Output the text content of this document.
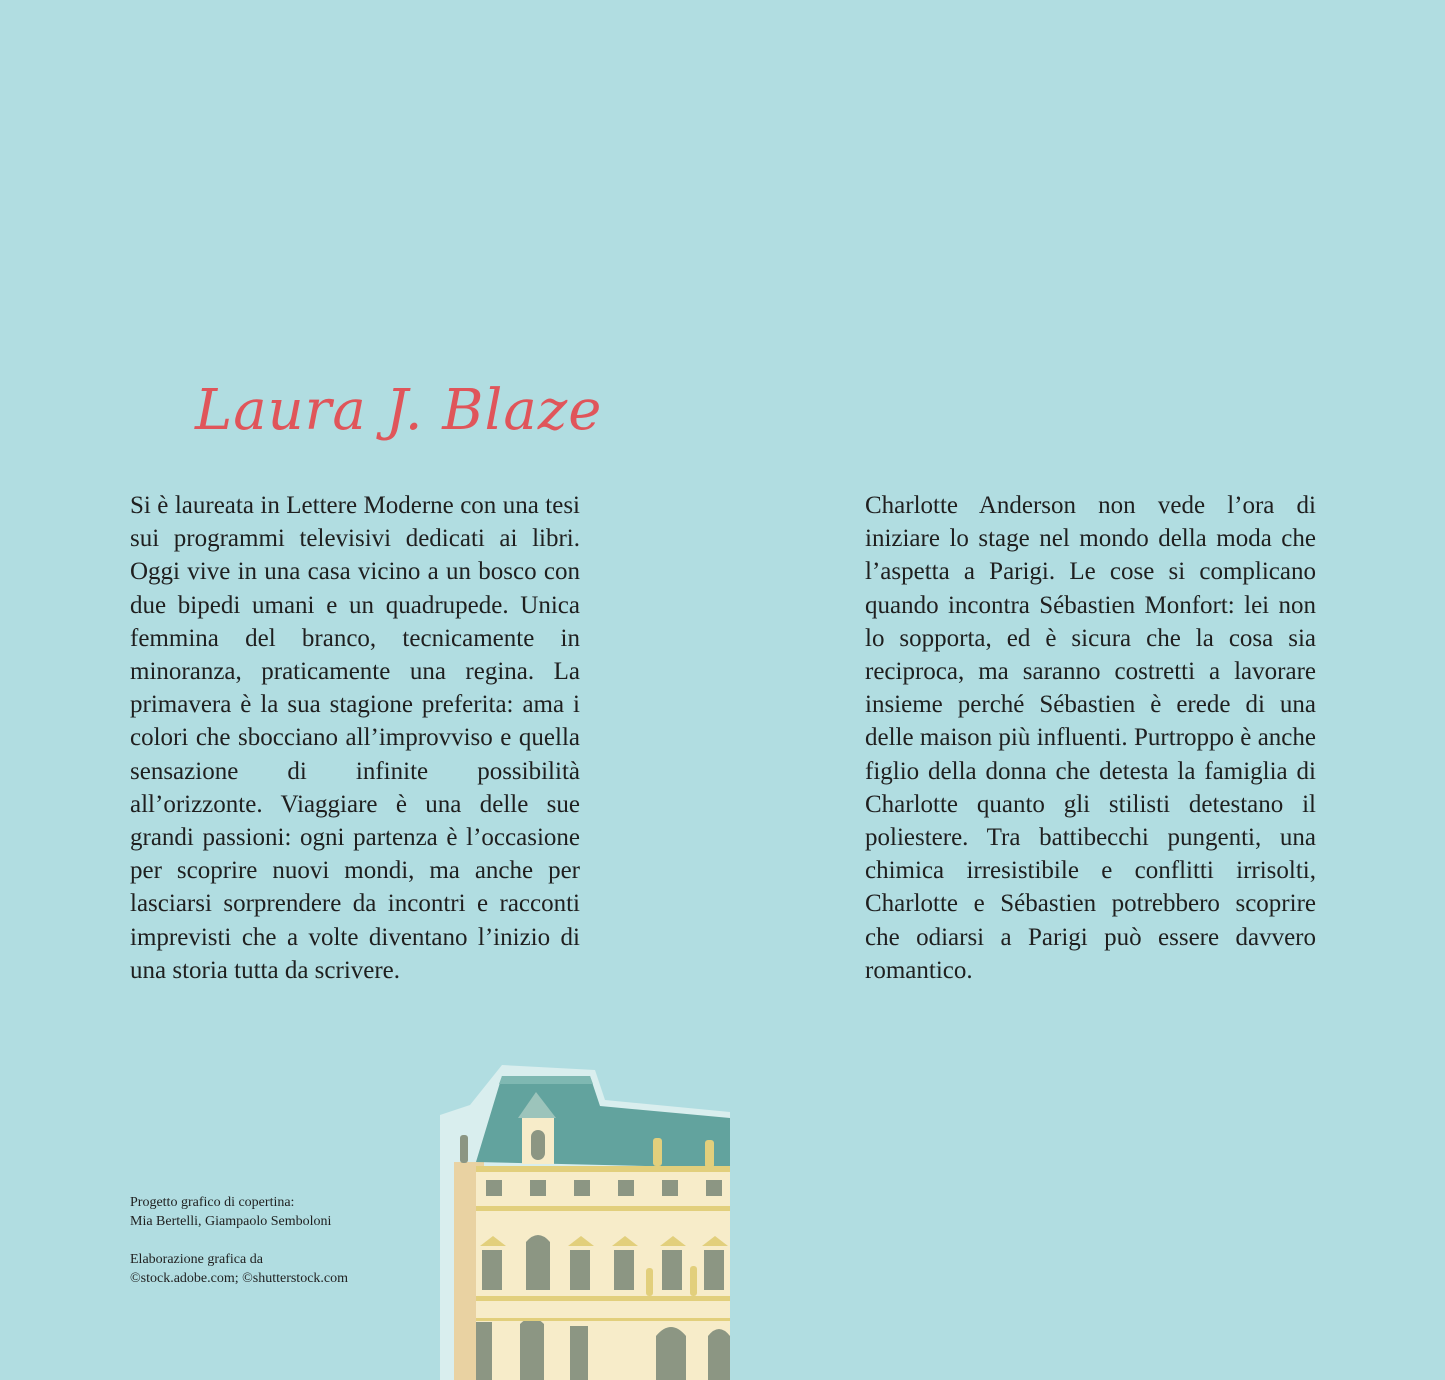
Laura J. Blaze

Si è laureata in Lettere Moderne con una tesi sui programmi televisivi dedicati ai libri. Oggi vive in una casa vicino a un bosco con due bipedi umani e un quadrupede. Unica femmina del branco, tecnicamente in minoranza, praticamente una regina. La primavera è la sua stagione preferita: ama i colori che sbocciano all’improvviso e quella sensazione di infinite possibilità all’orizzonte. Viaggiare è una delle sue grandi passioni: ogni partenza è l’occasione per scoprire nuovi mondi, ma anche per lasciarsi sorprendere da incontri e racconti imprevisti che a volte diventano l’inizio di una storia tutta da scrivere.

Charlotte Anderson non vede l’ora di iniziare lo stage nel mondo della moda che l’aspetta a Parigi. Le cose si complicano quando incontra Sébastien Monfort: lei non lo sopporta, ed è sicura che la cosa sia reciproca, ma saranno costretti a lavorare insieme perché Sébastien è erede di una delle maison più influenti. Purtroppo è anche figlio della donna che detesta la famiglia di Charlotte quanto gli stilisti detestano il poliestere. Tra battibecchi pungenti, una chimica irresistibile e conflitti irrisolti, Charlotte e Sébastien potrebbero scoprire che odiarsi a Parigi può essere davvero romantico.

Progetto grafico di copertina:
Mia Bertelli, Giampaolo Semboloni
Elaborazione grafica da
©stock.adobe.com; ©shutterstock.com
